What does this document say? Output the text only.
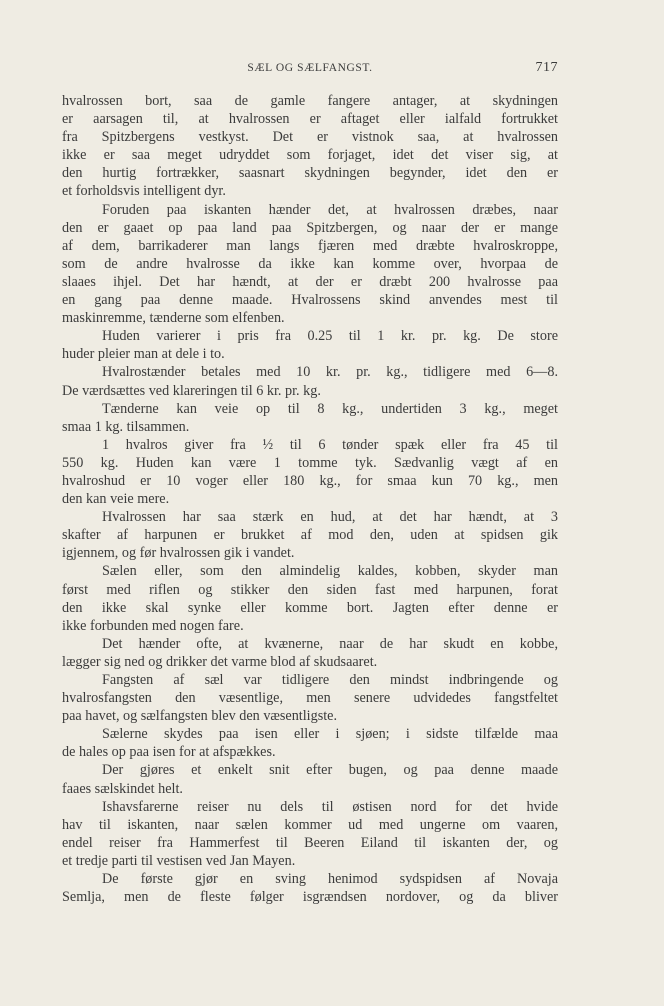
SÆL OG SÆLFANGST.	717
hvalrossen bort, saa de gamle fangere antager, at skydningen
er aarsagen til, at hvalrossen er aftaget eller ialfald fortrukket
fra Spitzbergens vestkyst. Det er vistnok saa, at hvalrossen
ikke er saa meget udryddet som forjaget, idet det viser sig, at
den hurtig fortrækker, saasnart skydningen begynder, idet den er
et forholdsvis intelligent dyr.
Foruden paa iskanten hænder det, at hvalrossen dræbes, naar
den er gaaet op paa land paa Spitzbergen, og naar der er mange
af dem, barrikaderer man langs fjæren med dræbte hvalroskroppe,
som de andre hvalrosse da ikke kan komme over, hvorpaa de
slaaes ihjel. Det har hændt, at der er dræbt 200 hvalrosse paa
en gang paa denne maade. Hvalrossens skind anvendes mest til
maskinremme, tænderne som elfenben.
Huden varierer i pris fra 0.25 til 1 kr. pr. kg. De store
huder pleier man at dele i to.
Hvalrostænder betales med 10 kr. pr. kg., tidligere med 6—8.
De værdsættes ved klareringen til 6 kr. pr. kg.
Tænderne kan veie op til 8 kg., undertiden 3 kg., meget
smaa 1 kg. tilsammen.
1 hvalros giver fra ½ til 6 tønder spæk eller fra 45 til
550 kg. Huden kan være 1 tomme tyk. Sædvanlig vægt af en
hvalroshud er 10 voger eller 180 kg., for smaa kun 70 kg., men
den kan veie mere.
Hvalrossen har saa stærk en hud, at det har hændt, at 3
skafter af harpunen er brukket af mod den, uden at spidsen gik
igjennem, og før hvalrossen gik i vandet.
Sælen eller, som den almindelig kaldes, kobben, skyder man
først med riflen og stikker den siden fast med harpunen, forat
den ikke skal synke eller komme bort. Jagten efter denne er
ikke forbunden med nogen fare.
Det hænder ofte, at kvænerne, naar de har skudt en kobbe,
lægger sig ned og drikker det varme blod af skudsaaret.
Fangsten af sæl var tidligere den mindst indbringende og
hvalrosfangsten den væsentlige, men senere udvidedes fangstfeltet
paa havet, og sælfangsten blev den væsentligste.
Sælerne skydes paa isen eller i sjøen; i sidste tilfælde maa
de hales op paa isen for at afspækkes.
Der gjøres et enkelt snit efter bugen, og paa denne maade
faaes sælskindet helt.
Ishavsfarerne reiser nu dels til østisen nord for det hvide
hav til iskanten, naar sælen kommer ud med ungerne om vaaren,
endel reiser fra Hammerfest til Beeren Eiland til iskanten der, og
et tredje parti til vestisen ved Jan Mayen.
De første gjør en sving henimod sydspidsen af Novaja
Semlja, men de fleste følger isgrændsen nordover, og da bliver
